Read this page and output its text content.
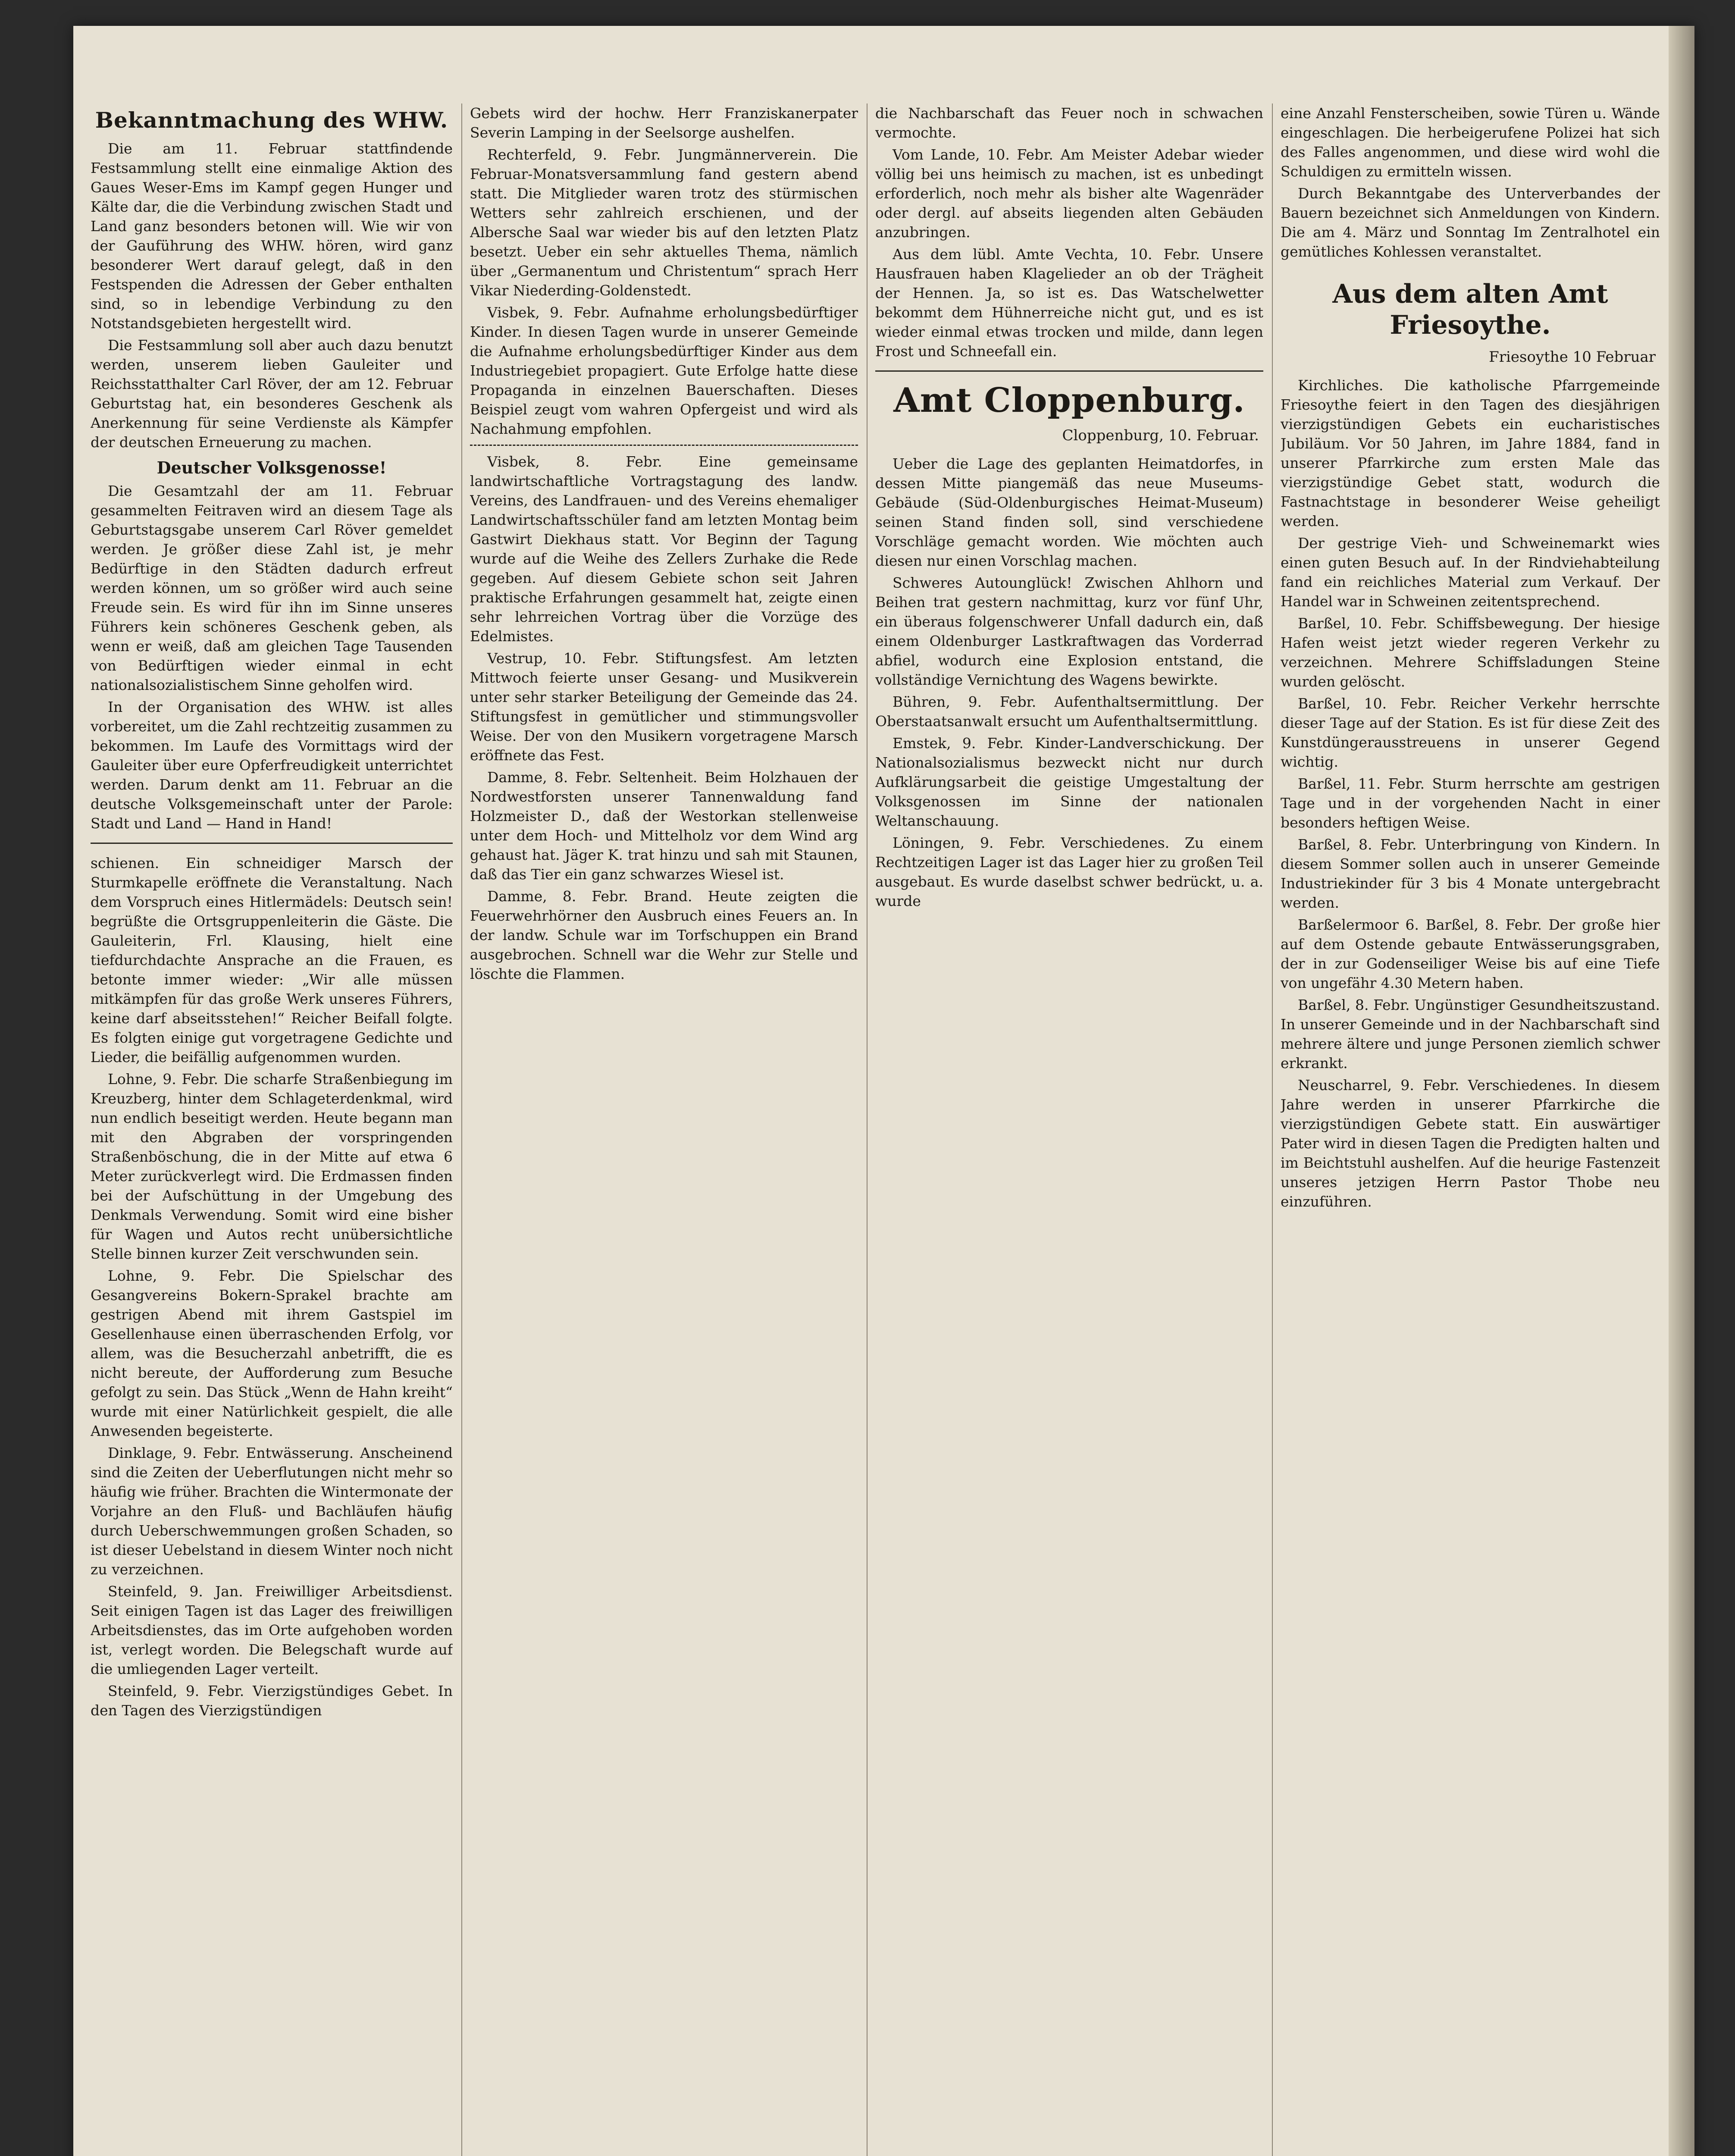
Bekanntmachung des WHW.

Die am 11. Februar stattfindende Festsammlung stellt eine einmalige Aktion des Gaues Weser-Ems im Kampf gegen Hunger und Kälte dar, die die Verbindung zwischen Stadt und Land ganz besonders betonen will. Wie wir von der Gauführung des WHW. hören, wird ganz besonderer Wert darauf gelegt, daß in den Festspenden die Adressen der Geber enthalten sind, so in lebendige Verbindung zu den Notstandsgebieten hergestellt wird.

Die Festsammlung soll aber auch dazu benutzt werden, unserem lieben Gauleiter und Reichsstatthalter Carl Röver, der am 12. Februar Geburtstag hat, ein besonderes Geschenk als Anerkennung für seine Verdienste als Kämpfer der deutschen Erneuerung zu machen.

Deutscher Volksgenosse!

Die Gesamtzahl der am 11. Februar gesammelten Feitraven wird an diesem Tage als Geburtstagsgabe unserem Carl Röver gemeldet werden. Je größer diese Zahl ist, je mehr Bedürftige in den Städten dadurch erfreut werden können, um so größer wird auch seine Freude sein. Es wird für ihn im Sinne unseres Führers kein schöneres Geschenk geben, als wenn er weiß, daß am gleichen Tage Tausenden von Bedürftigen wieder einmal in echt nationalsozialistischem Sinne geholfen wird.

In der Organisation des WHW. ist alles vorbereitet, um die Zahl rechtzeitig zusammen zu bekommen. Im Laufe des Vormittags wird der Gauleiter über eure Opferfreudigkeit unterrichtet werden. Darum denkt am 11. Februar an die deutsche Volksgemeinschaft unter der Parole: Stadt und Land — Hand in Hand!

schienen. Ein schneidiger Marsch der Sturmkapelle eröffnete die Veranstaltung. Nach dem Vorspruch eines Hitlermädels: Deutsch sein! begrüßte die Ortsgruppenleiterin die Gäste. Die Gauleiterin, Frl. Klausing, hielt eine tiefdurchdachte Ansprache an die Frauen, es betonte immer wieder: „Wir alle müssen mitkämpfen für das große Werk unseres Führers, keine darf abseitsstehen!“ Reicher Beifall folgte. Es folgten einige gut vorgetragene Gedichte und Lieder, die beifällig aufgenommen wurden.

Lohne, 9. Febr. Die scharfe Straßenbiegung im Kreuzberg, hinter dem Schlageterdenkmal, wird nun endlich beseitigt werden. Heute begann man mit den Abgraben der vorspringenden Straßenböschung, die in der Mitte auf etwa 6 Meter zurückverlegt wird. Die Erdmassen finden bei der Aufschüttung in der Umgebung des Denkmals Verwendung. Somit wird eine bisher für Wagen und Autos recht unübersichtliche Stelle binnen kurzer Zeit verschwunden sein.

Lohne, 9. Febr. Die Spielschar des Gesangvereins Bokern-Sprakel brachte am gestrigen Abend mit ihrem Gastspiel im Gesellenhause einen überraschenden Erfolg, vor allem, was die Besucherzahl anbetrifft, die es nicht bereute, der Aufforderung zum Besuche gefolgt zu sein. Das Stück „Wenn de Hahn kreiht“ wurde mit einer Natürlichkeit gespielt, die alle Anwesenden begeisterte.

Dinklage, 9. Febr. Entwässerung. Anscheinend sind die Zeiten der Ueberflutungen nicht mehr so häufig wie früher. Brachten die Wintermonate der Vorjahre an den Fluß- und Bachläufen häufig durch Ueberschwemmungen großen Schaden, so ist dieser Uebelstand in diesem Winter noch nicht zu verzeichnen.

Steinfeld, 9. Jan. Freiwilliger Arbeitsdienst. Seit einigen Tagen ist das Lager des freiwilligen Arbeitsdienstes, das im Orte aufgehoben worden ist, verlegt worden. Die Belegschaft wurde auf die umliegenden Lager verteilt.

Steinfeld, 9. Febr. Vierzigstündiges Gebet. In den Tagen des Vierzigstündigen

Gebets wird der hochw. Herr Franziskanerpater Severin Lamping in der Seelsorge aushelfen.

Rechterfeld, 9. Febr. Jungmännerverein. Die Februar-Monatsversammlung fand gestern abend statt. Die Mitglieder waren trotz des stürmischen Wetters sehr zahlreich erschienen, und der Albersche Saal war wieder bis auf den letzten Platz besetzt. Ueber ein sehr aktuelles Thema, nämlich über „Germanentum und Christentum“ sprach Herr Vikar Niederding-Goldenstedt.

Visbek, 9. Febr. Aufnahme erholungsbedürftiger Kinder. In diesen Tagen wurde in unserer Gemeinde die Aufnahme erholungsbedürftiger Kinder aus dem Industriegebiet propagiert. Gute Erfolge hatte diese Propaganda in einzelnen Bauerschaften. Dieses Beispiel zeugt vom wahren Opfergeist und wird als Nachahmung empfohlen.

Visbek, 8. Febr. Eine gemeinsame landwirtschaftliche Vortragstagung des landw. Vereins, des Landfrauen- und des Vereins ehemaliger Landwirtschaftsschüler fand am letzten Montag beim Gastwirt Diekhaus statt. Vor Beginn der Tagung wurde auf die Weihe des Zellers Zurhake die Rede gegeben. Auf diesem Gebiete schon seit Jahren praktische Erfahrungen gesammelt hat, zeigte einen sehr lehrreichen Vortrag über die Vorzüge des Edelmistes.

Vestrup, 10. Febr. Stiftungsfest. Am letzten Mittwoch feierte unser Gesang- und Musikverein unter sehr starker Beteiligung der Gemeinde das 24. Stiftungsfest in gemütlicher und stimmungsvoller Weise. Der von den Musikern vorgetragene Marsch eröffnete das Fest.

Damme, 8. Febr. Seltenheit. Beim Holzhauen der Nordwestforsten unserer Tannenwaldung fand Holzmeister D., daß der Westorkan stellenweise unter dem Hoch- und Mittelholz vor dem Wind arg gehaust hat. Jäger K. trat hinzu und sah mit Staunen, daß das Tier ein ganz schwarzes Wiesel ist.

Damme, 8. Febr. Brand. Heute zeigten die Feuerwehrhörner den Ausbruch eines Feuers an. In der landw. Schule war im Torfschuppen ein Brand ausgebrochen. Schnell war die Wehr zur Stelle und löschte die Flammen.

die Nachbarschaft das Feuer noch in schwachen vermochte.

Vom Lande, 10. Febr. Am Meister Adebar wieder völlig bei uns heimisch zu machen, ist es unbedingt erforderlich, noch mehr als bisher alte Wagenräder oder dergl. auf abseits liegenden alten Gebäuden anzubringen.

Aus dem lübl. Amte Vechta, 10. Febr. Unsere Hausfrauen haben Klagelieder an ob der Trägheit der Hennen. Ja, so ist es. Das Watschelwetter bekommt dem Hühnerreiche nicht gut, und es ist wieder einmal etwas trocken und milde, dann legen Frost und Schneefall ein.

Amt Cloppenburg.
Cloppenburg, 10. Februar.

Ueber die Lage des geplanten Heimatdorfes, in dessen Mitte piangemäß das neue Museums-Gebäude (Süd-Oldenburgisches Heimat-Museum) seinen Stand finden soll, sind verschiedene Vorschläge gemacht worden. Wie möchten auch diesen nur einen Vorschlag machen.

Schweres Autounglück! Zwischen Ahlhorn und Beihen trat gestern nachmittag, kurz vor fünf Uhr, ein überaus folgenschwerer Unfall dadurch ein, daß einem Oldenburger Lastkraftwagen das Vorderrad abfiel, wodurch eine Explosion entstand, die vollständige Vernichtung des Wagens bewirkte.

Bühren, 9. Febr. Aufenthaltsermittlung. Der Oberstaatsanwalt ersucht um Aufenthaltsermittlung.

Emstek, 9. Febr. Kinder-Landverschickung. Der Nationalsozialismus bezweckt nicht nur durch Aufklärungsarbeit die geistige Umgestaltung der Volksgenossen im Sinne der nationalen Weltanschauung.

Löningen, 9. Febr. Verschiedenes. Zu einem Rechtzeitigen Lager ist das Lager hier zu großen Teil ausgebaut. Es wurde daselbst schwer bedrückt, u. a. wurde

eine Anzahl Fensterscheiben, sowie Türen u. Wände eingeschlagen. Die herbeigerufene Polizei hat sich des Falles angenommen, und diese wird wohl die Schuldigen zu ermitteln wissen.

Durch Bekanntgabe des Unterverbandes der Bauern bezeichnet sich Anmeldungen von Kindern. Die am 4. März und Sonntag Im Zentralhotel ein gemütliches Kohlessen veranstaltet.

Aus dem alten Amt Friesoythe.
Friesoythe 10 Februar

Kirchliches. Die katholische Pfarrgemeinde Friesoythe feiert in den Tagen des diesjährigen vierzigstündigen Gebets ein eucharistisches Jubiläum. Vor 50 Jahren, im Jahre 1884, fand in unserer Pfarrkirche zum ersten Male das vierzigstündige Gebet statt, wodurch die Fastnachtstage in besonderer Weise geheiligt werden.

Der gestrige Vieh- und Schweinemarkt wies einen guten Besuch auf. In der Rindviehabteilung fand ein reichliches Material zum Verkauf. Der Handel war in Schweinen zeitentsprechend.

Barßel, 10. Febr. Schiffsbewegung. Der hiesige Hafen weist jetzt wieder regeren Verkehr zu verzeichnen. Mehrere Schiffsladungen Steine wurden gelöscht.

Barßel, 10. Febr. Reicher Verkehr herrschte dieser Tage auf der Station. Es ist für diese Zeit des Kunstdüngerausstreuens in unserer Gegend wichtig.

Barßel, 11. Febr. Sturm herrschte am gestrigen Tage und in der vorgehenden Nacht in einer besonders heftigen Weise.

Barßel, 8. Febr. Unterbringung von Kindern. In diesem Sommer sollen auch in unserer Gemeinde Industriekinder für 3 bis 4 Monate untergebracht werden.

Barßelermoor 6. Barßel, 8. Febr. Der große hier auf dem Ostende gebaute Entwässerungsgraben, der in zur Godenseiliger Weise bis auf eine Tiefe von ungefähr 4.30 Metern haben.

Barßel, 8. Febr. Ungünstiger Gesundheitszustand. In unserer Gemeinde und in der Nachbarschaft sind mehrere ältere und junge Personen ziemlich schwer erkrankt.

Neuscharrel, 9. Febr. Verschiedenes. In diesem Jahre werden in unserer Pfarrkirche die vierzigstündigen Gebete statt. Ein auswärtiger Pater wird in diesen Tagen die Predigten halten und im Beichtstuhl aushelfen. Auf die heurige Fastenzeit unseres jetzigen Herrn Pastor Thobe neu einzuführen.
